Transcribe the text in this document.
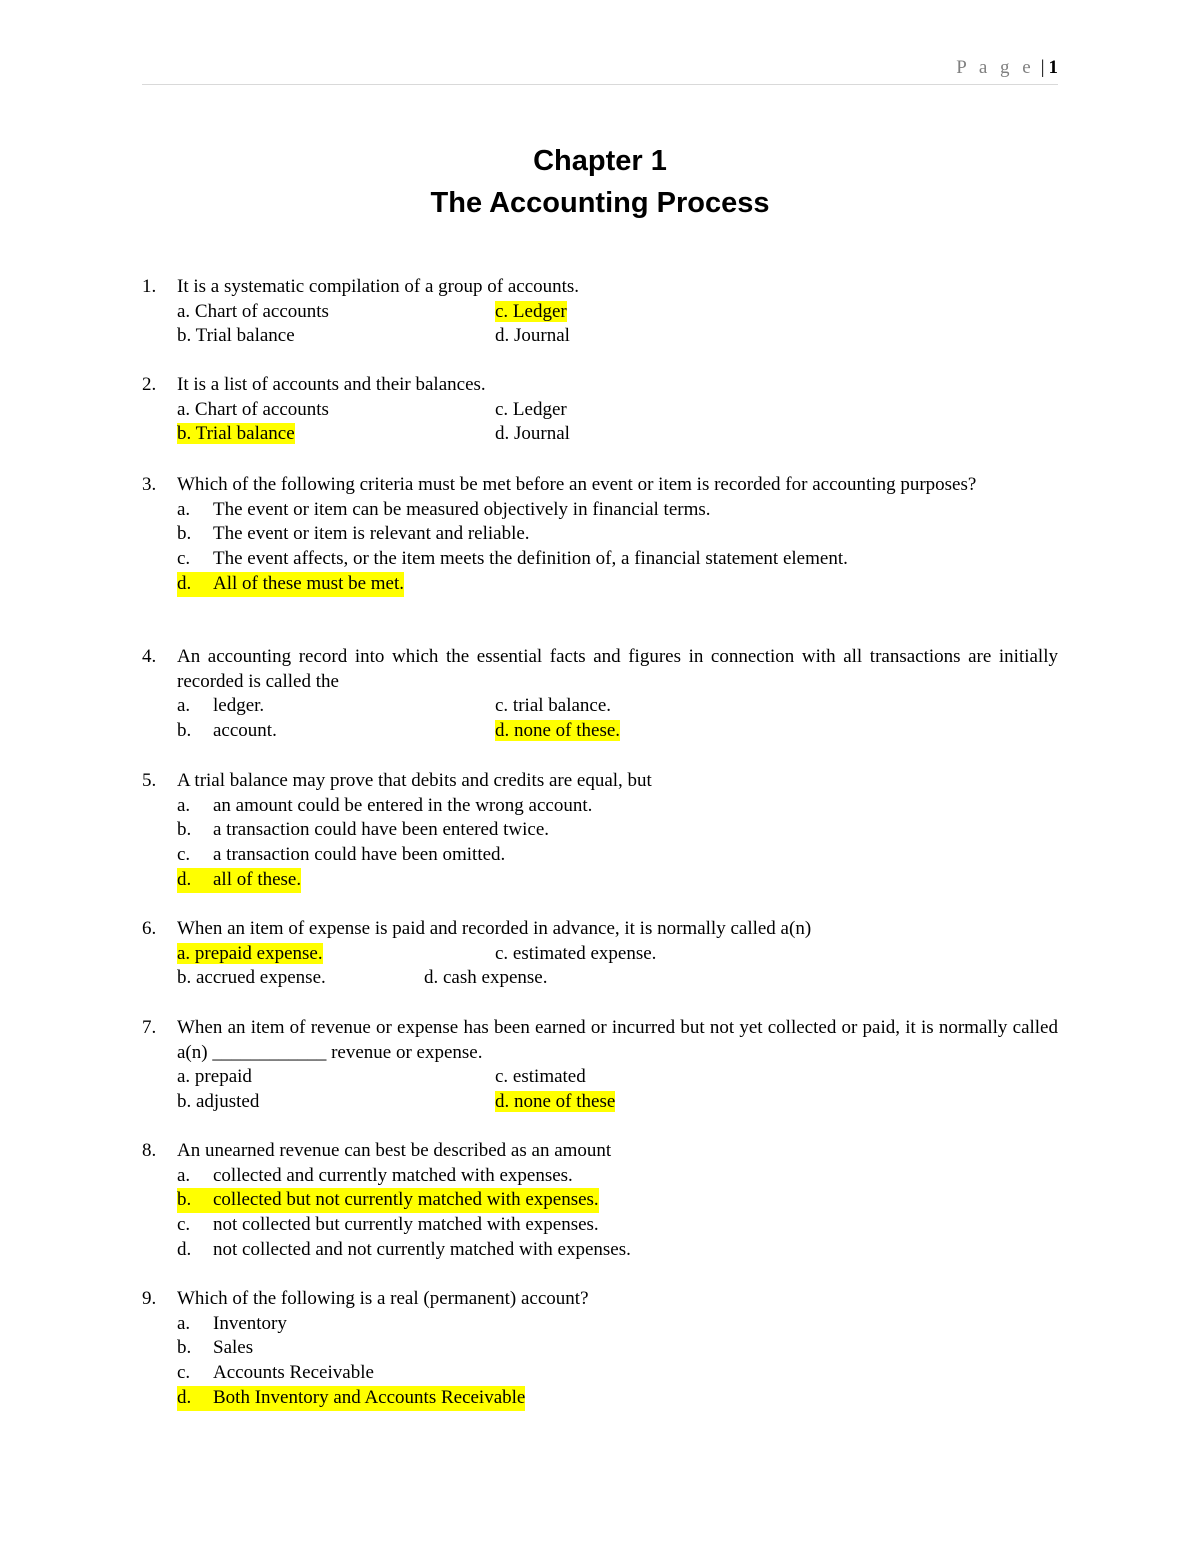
P a g e | 1
Chapter 1
The Accounting Process
1. It is a systematic compilation of a group of accounts.
a. Chart of accounts	c. Ledger
b. Trial balance	d. Journal
2. It is a list of accounts and their balances.
a. Chart of accounts	c. Ledger
b. Trial balance	d. Journal
3. Which of the following criteria must be met before an event or item is recorded for accounting purposes?
a.	The event or item can be measured objectively in financial terms.
b.	The event or item is relevant and reliable.
c.	The event affects, or the item meets the definition of, a financial statement element.
d.	All of these must be met.
4. An accounting record into which the essential facts and figures in connection with all transactions are initially recorded is called the
a.	ledger.	c. trial balance.
b.	account.	d. none of these.
5. A trial balance may prove that debits and credits are equal, but
a.	an amount could be entered in the wrong account.
b.	a transaction could have been entered twice.
c.	a transaction could have been omitted.
d.	all of these.
6. When an item of expense is paid and recorded in advance, it is normally called a(n)
a. prepaid expense.	c. estimated expense.
b. accrued expense.	d. cash expense.
7. When an item of revenue or expense has been earned or incurred but not yet collected or paid, it is normally called a(n) ____________ revenue or expense.
a. prepaid	c. estimated
b. adjusted	d. none of these
8. An unearned revenue can best be described as an amount
a.	collected and currently matched with expenses.
b.	collected but not currently matched with expenses.
c.	not collected but currently matched with expenses.
d.	not collected and not currently matched with expenses.
9. Which of the following is a real (permanent) account?
a.	Inventory
b.	Sales
c.	Accounts Receivable
d.	Both Inventory and Accounts Receivable
